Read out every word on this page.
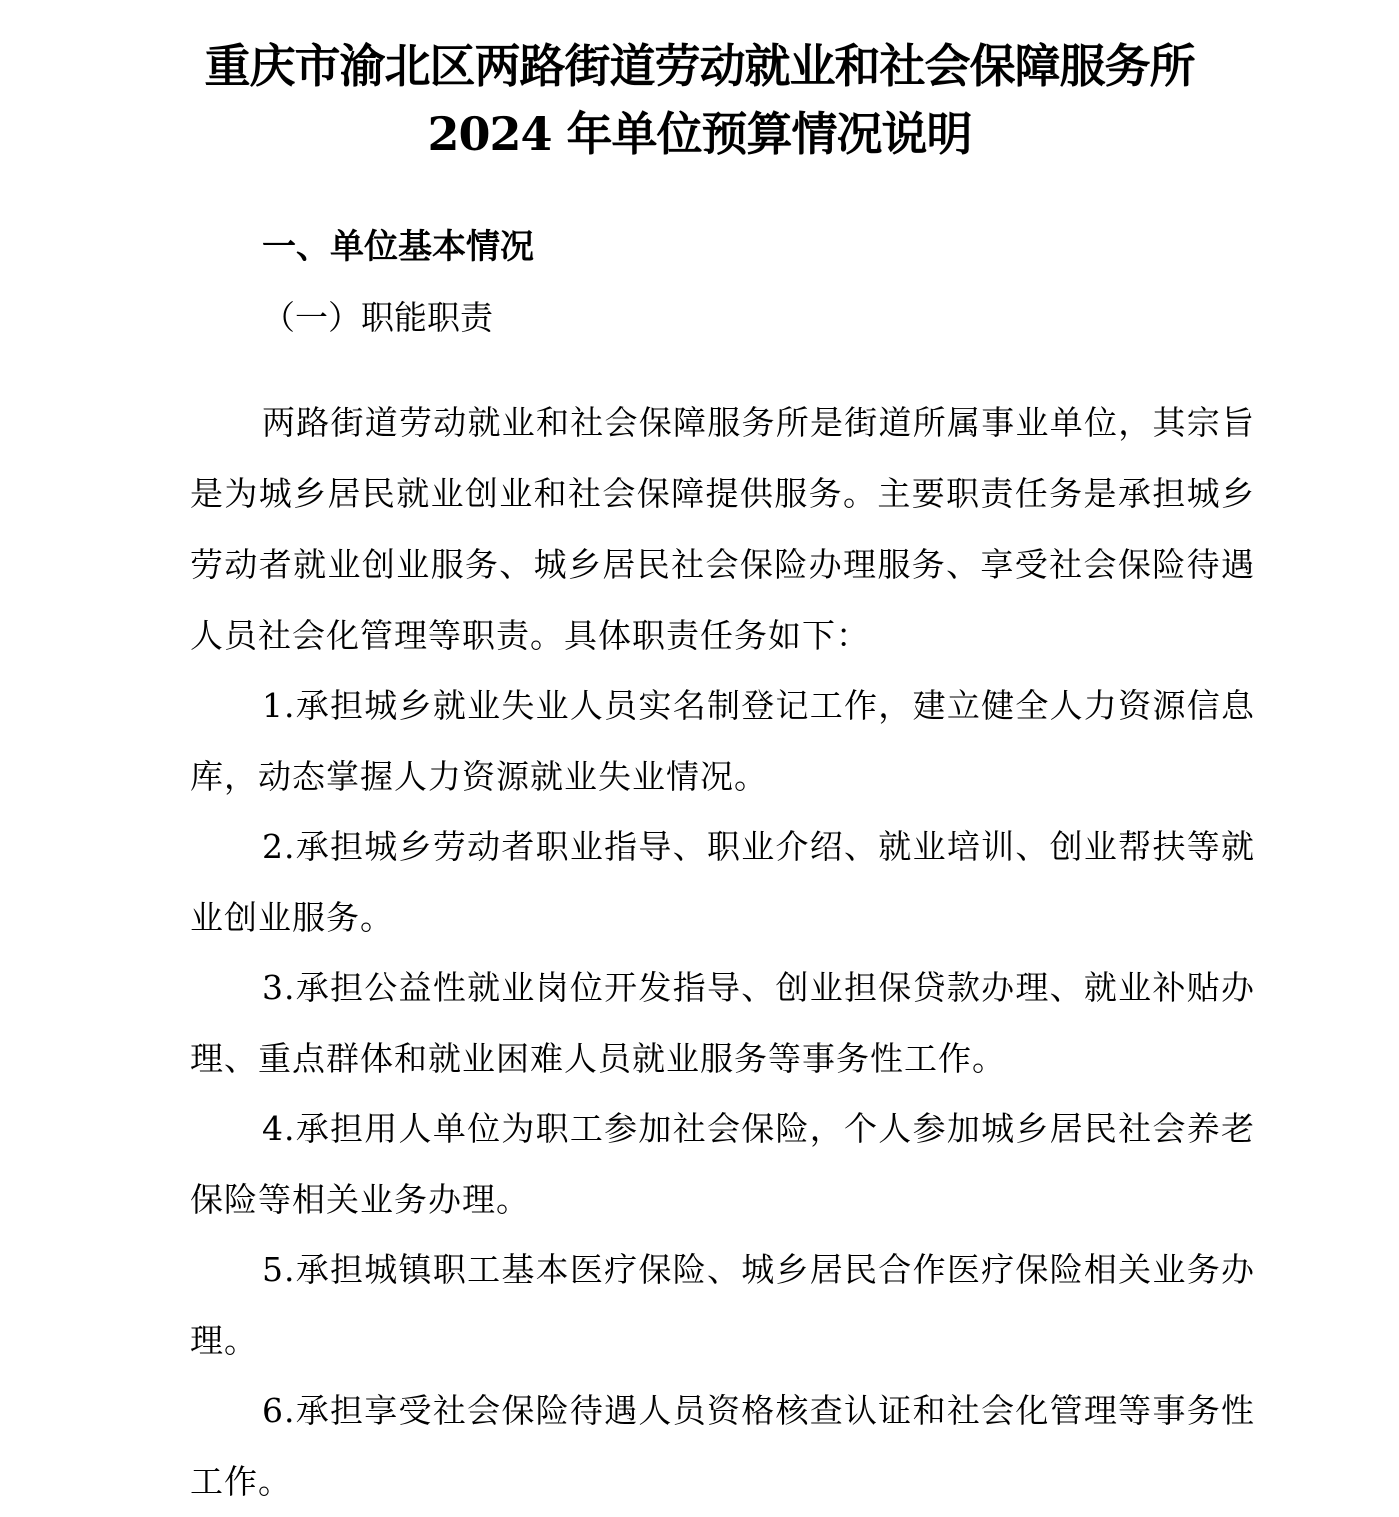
重庆市渝北区两路街道劳动就业和社会保障服务所
2024 年单位预算情况说明
一、单位基本情况
（一）职能职责

两路街道劳动就业和社会保障服务所是街道所属事业单位，其宗旨是为城乡居民就业创业和社会保障提供服务。主要职责任务是承担城乡劳动者就业创业服务、城乡居民社会保险办理服务、享受社会保险待遇人员社会化管理等职责。具体职责任务如下：

1.承担城乡就业失业人员实名制登记工作，建立健全人力资源信息库，动态掌握人力资源就业失业情况。

2.承担城乡劳动者职业指导、职业介绍、就业培训、创业帮扶等就业创业服务。

3.承担公益性就业岗位开发指导、创业担保贷款办理、就业补贴办理、重点群体和就业困难人员就业服务等事务性工作。

4.承担用人单位为职工参加社会保险，个人参加城乡居民社会养老保险等相关业务办理。

5.承担城镇职工基本医疗保险、城乡居民合作医疗保险相关业务办理。

6.承担享受社会保险待遇人员资格核查认证和社会化管理等事务性工作。
